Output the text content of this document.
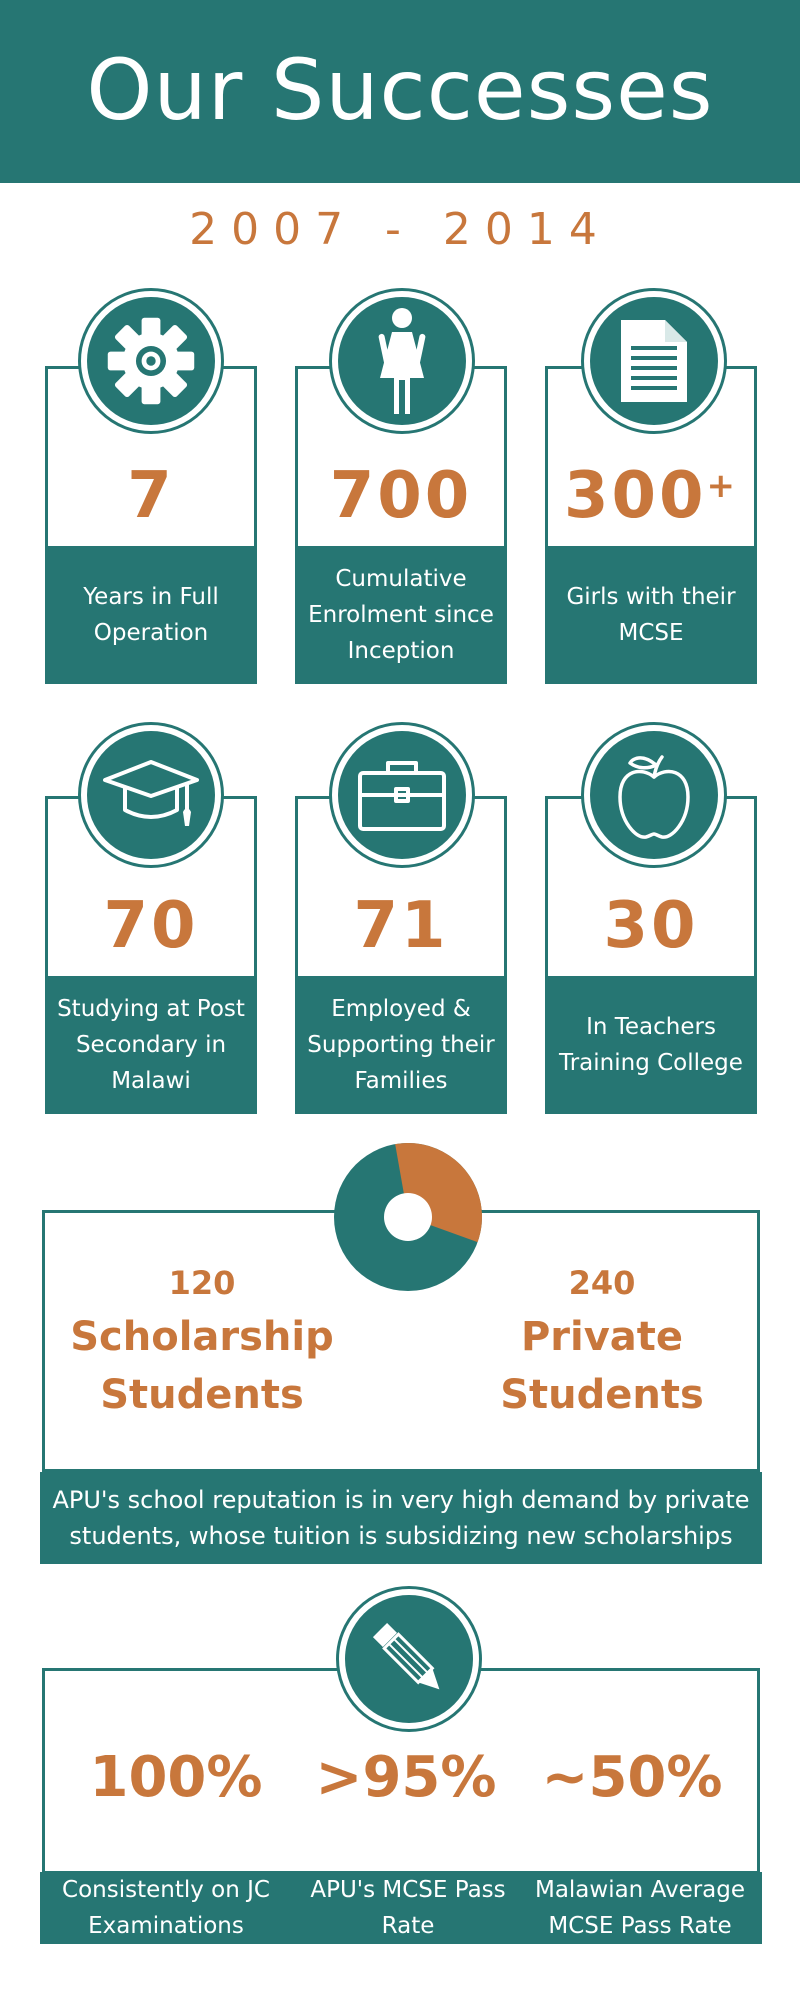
Our Successes
2007 - 2014
7
Years in Full Operation
700
Cumulative Enrolment since Inception
300+
Girls with their MCSE
70
Studying at Post Secondary in Malawi
71
Employed & Supporting their Families
30
In Teachers Training College
120
Scholarship
Students
240
Private
Students
APU's school reputation is in very high demand by private students, whose tuition is subsidizing new scholarships
100% >95% ~50%
Consistently on JC Examinations
APU's MCSE Pass Rate
Malawian Average MCSE Pass Rate
